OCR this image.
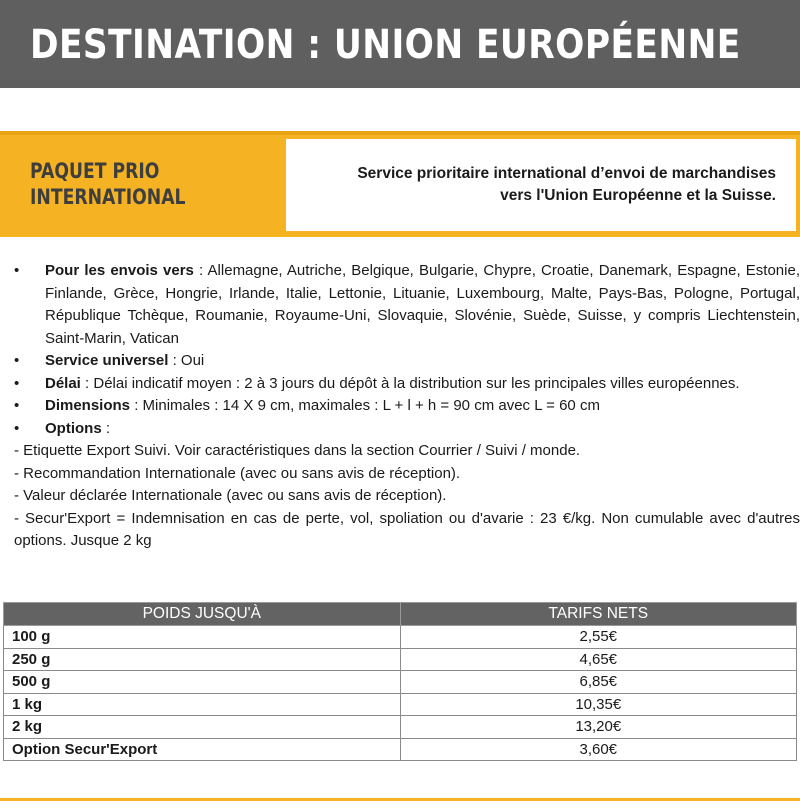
DESTINATION : UNION EUROPÉENNE
PAQUET PRIO
INTERNATIONAL

Service prioritaire international d’envoi de marchandises
vers l'Union Européenne et la Suisse.

• Pour les envois vers : Allemagne, Autriche, Belgique, Bulgarie, Chypre, Croatie, Danemark, Espagne, Estonie, Finlande, Grèce, Hongrie, Irlande, Italie, Lettonie, Lituanie, Luxembourg, Malte, Pays-Bas, Pologne, Portugal, République Tchèque, Roumanie, Royaume-Uni, Slovaquie, Slovénie, Suède, Suisse, y compris Liechtenstein, Saint-Marin, Vatican
• Service universel : Oui
• Délai : Délai indicatif moyen : 2 à 3 jours du dépôt à la distribution sur les principales villes européennes.
• Dimensions : Minimales : 14 X 9 cm, maximales : L + l + h = 90 cm avec L = 60 cm
• Options :
- Etiquette Export Suivi. Voir caractéristiques dans la section Courrier / Suivi / monde.
- Recommandation Internationale (avec ou sans avis de réception).
- Valeur déclarée Internationale (avec ou sans avis de réception).
- Secur'Export = Indemnisation en cas de perte, vol, spoliation ou d'avarie : 23 €/kg. Non cumulable avec d'autres options. Jusque 2 kg
POIDS JUSQU'À	TARIFS NETS
100 g	2,55€
250 g	4,65€
500 g	6,85€
1 kg	10,35€
2 kg	13,20€
Option Secur'Export	3,60€
